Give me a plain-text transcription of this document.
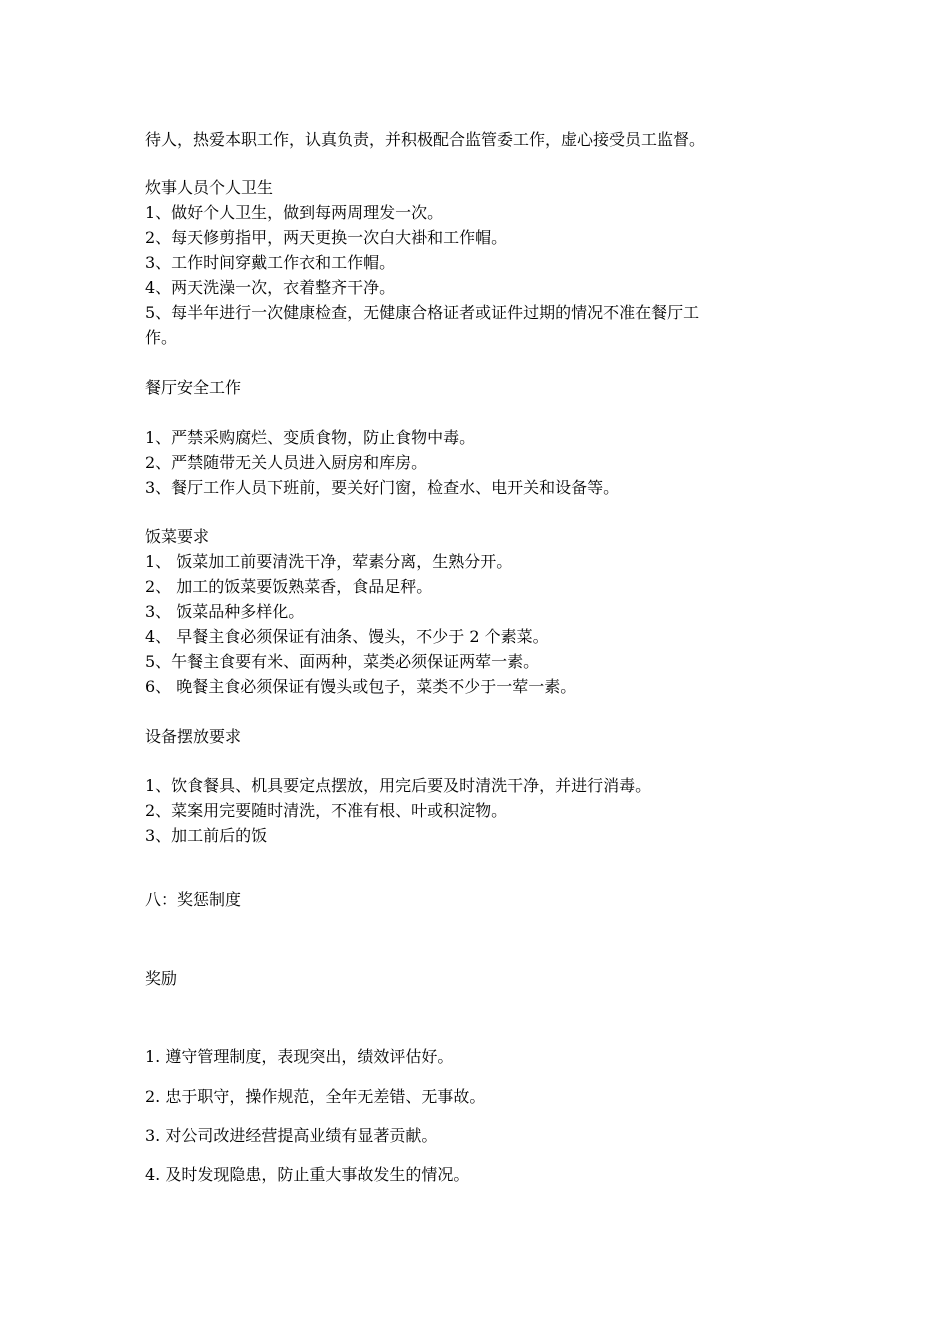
待人，热爱本职工作，认真负责，并积极配合监管委工作，虚心接受员工监督。
炊事人员个人卫生
1、做好个人卫生，做到每两周理发一次。
2、每天修剪指甲，两天更换一次白大褂和工作帽。
3、工作时间穿戴工作衣和工作帽。
4、两天洗澡一次，衣着整齐干净。
5、每半年进行一次健康检查，无健康合格证者或证件过期的情况不准在餐厅工
作。
餐厅安全工作
1、严禁采购腐烂、变质食物，防止食物中毒。
2、严禁随带无关人员进入厨房和库房。
3、餐厅工作人员下班前，要关好门窗，检查水、电开关和设备等。
饭菜要求
1、 饭菜加工前要清洗干净，荤素分离，生熟分开。
2、 加工的饭菜要饭熟菜香，食品足秤。
3、 饭菜品种多样化。
4、 早餐主食必须保证有油条、馒头，不少于 2 个素菜。
5、午餐主食要有米、面两种，菜类必须保证两荤一素。
6、 晚餐主食必须保证有馒头或包子，菜类不少于一荤一素。
设备摆放要求
1、饮食餐具、机具要定点摆放，用完后要及时清洗干净，并进行消毒。
2、菜案用完要随时清洗，不准有根、叶或积淀物。
3、加工前后的饭
八：奖惩制度
奖励
1. 遵守管理制度，表现突出，绩效评估好。
2. 忠于职守，操作规范，全年无差错、无事故。
3. 对公司改进经营提高业绩有显著贡献。
4. 及时发现隐患，防止重大事故发生的情况。
